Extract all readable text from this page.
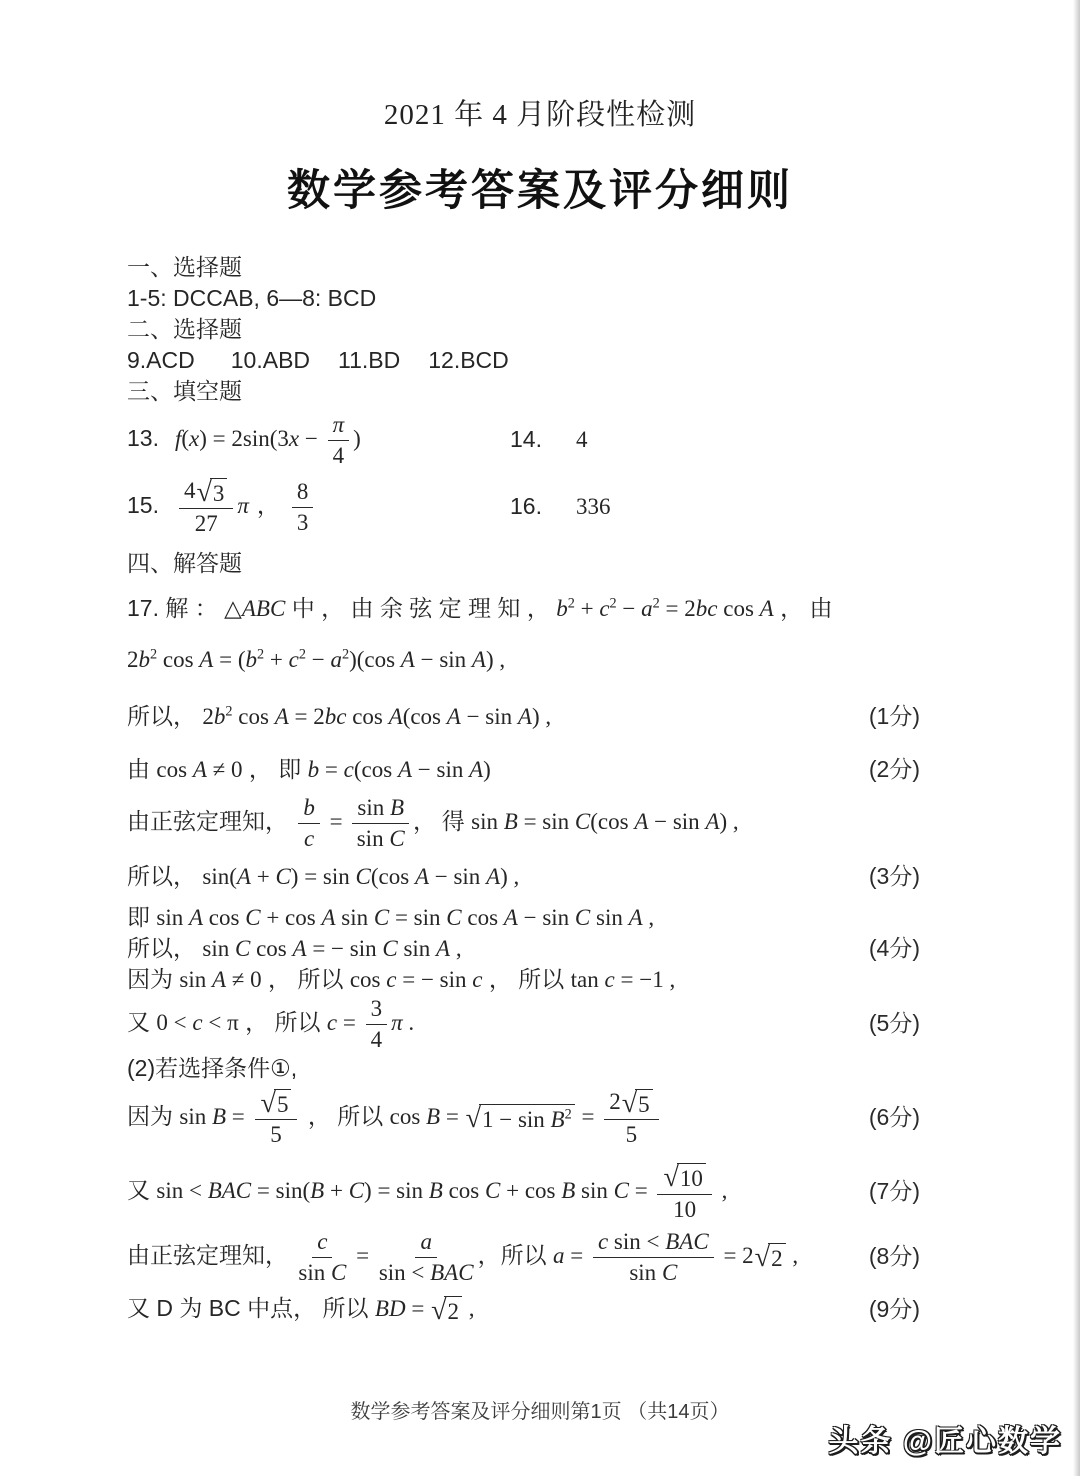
2021 年 4 月阶段性检测
数学参考答案及评分细则
一、选择题
1-5: DCCAB, 6—8: BCD
二、选择题
9.ACD 10.ABD 11.BD 12.BCD
三、填空题
13. $f(x) = 2\sin(3x - \frac{\pi}{4}$ )	14. 4
15. $\frac{4 √ 3}{27}$ π ， $\frac{8}{3}$	16. 336
四、解答题
17. 解 ： △ABC 中 ， 由 余 弦 定 理 知 ， $b^2 + c^2 - a^2 = 2bc$ cos A ， 由
$2b^2$ $\cos A = (b^2 + c^2 - a^2)(\cos$ A − sin A) ,
所以， $2b^2$ cos A = 2bc cos A(cos A − sin A) ,	(1分)
由 cos A ≠ 0 ， 即 b = c(cos A − sin A)	(2分)
由正弦定理知， $\frac{b}{c} = \frac{\text{sin B}}{\text{sin C}}$ ， 得 sin B = sin C(cos A − sin A) ,
所以， sin(A + C) = sin C(cos A − sin A) ,	(3分)
即 sin A cos C + cos A sin C = sin C cos A − sin C sin A ,
所以， sin C cos A = − sin C sin A ,	(4分)
因为 sin A ≠ 0 ， 所以 cos c = − sin c ， 所以 tan c = −1 ,
又 0 < c < π ， 所以 $c = \frac{3}{4}$ π .	(5分)
(2)若选择条件①,
因为 $\sin B = \frac{√ 5}{5}$ ， 所以 cos B = √ $1 - \sin B^2 = \frac{2 √ 5}{5}$	(6分)
又 sin < BAC = sin(B + C) = sin B cos C + cos B $\sin C = \frac{√ 10}{10}$ ,	(7分)
由正弦定理知， $\frac{c}{\text{sin C}} = \frac{a}{\text{sin < BAC}}$ ，所以 $a = \frac{\text{c sin < BAC}}{\text{sin C}} = 2$ √ 2 ,	(8分)
又 D 为 BC 中点， 所以 BD = √ 2 ,	(9分)
数学参考答案及评分细则第1页 （共14页）
头条 @匠心数学
